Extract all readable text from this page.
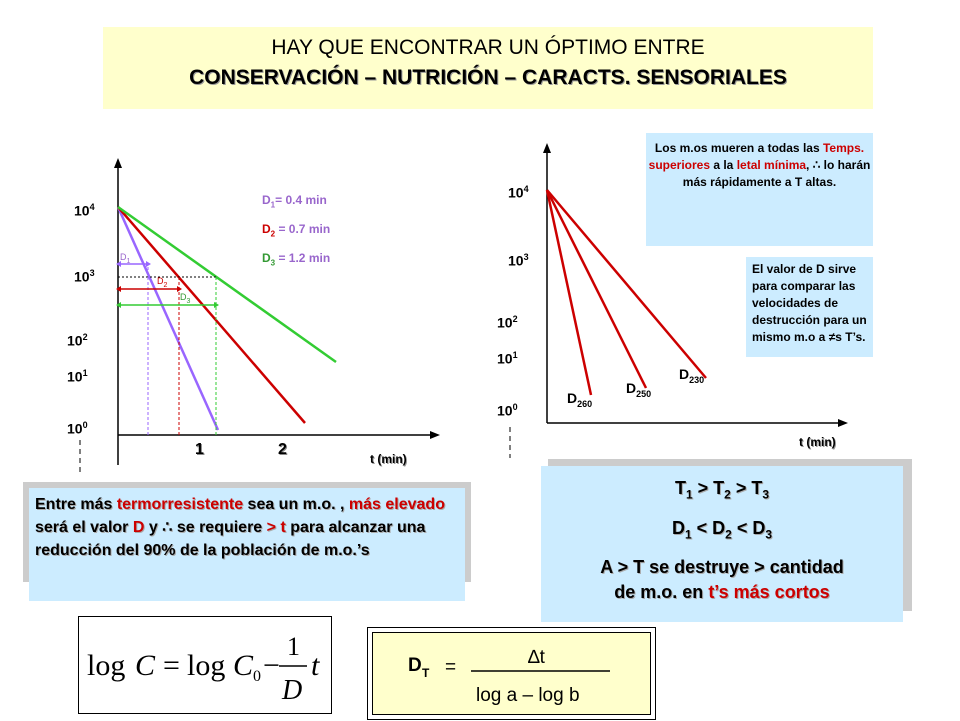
HAY QUE ENCONTRAR UN ÓPTIMO ENTRE
CONSERVACIÓN – NUTRICIÓN – CARACTS. SENSORIALES
$10^4$
$10^3$
$10^2$
$10^1$
$10^0$
1	2
t (min)
$D_1= 0.4$ min
$D_2 = 0.7$ min
$D_3 = 1.2$ min
$D_1$
$D_2$
$D_3$
$10^4$
$10^3$
$10^2$
$10^1$
$10^0$
$D_{260}$
$D_{250}$
$D_{230}$
t (min)
Los m.os mueren a todas las Temps. superiores a la letal mínima, ∴ lo harán más rápidamente a T altas.
El valor de D sirve para comparar las velocidades de destrucción para un mismo m.o a ≠s T’s.
Entre más termorresistente sea un m.o. , más elevado será el valor D y ∴ se requiere > t para alcanzar una reducción del 90% de la población de m.o.’s
$T_1 > T_2 > T_3$
$D_1 < D_2 < D_3$
A > T se destruye > cantidad
de m.o. en t’s más cortos
log C = log C 0 −
1
D
t	D T =	∆t
log a – log b
